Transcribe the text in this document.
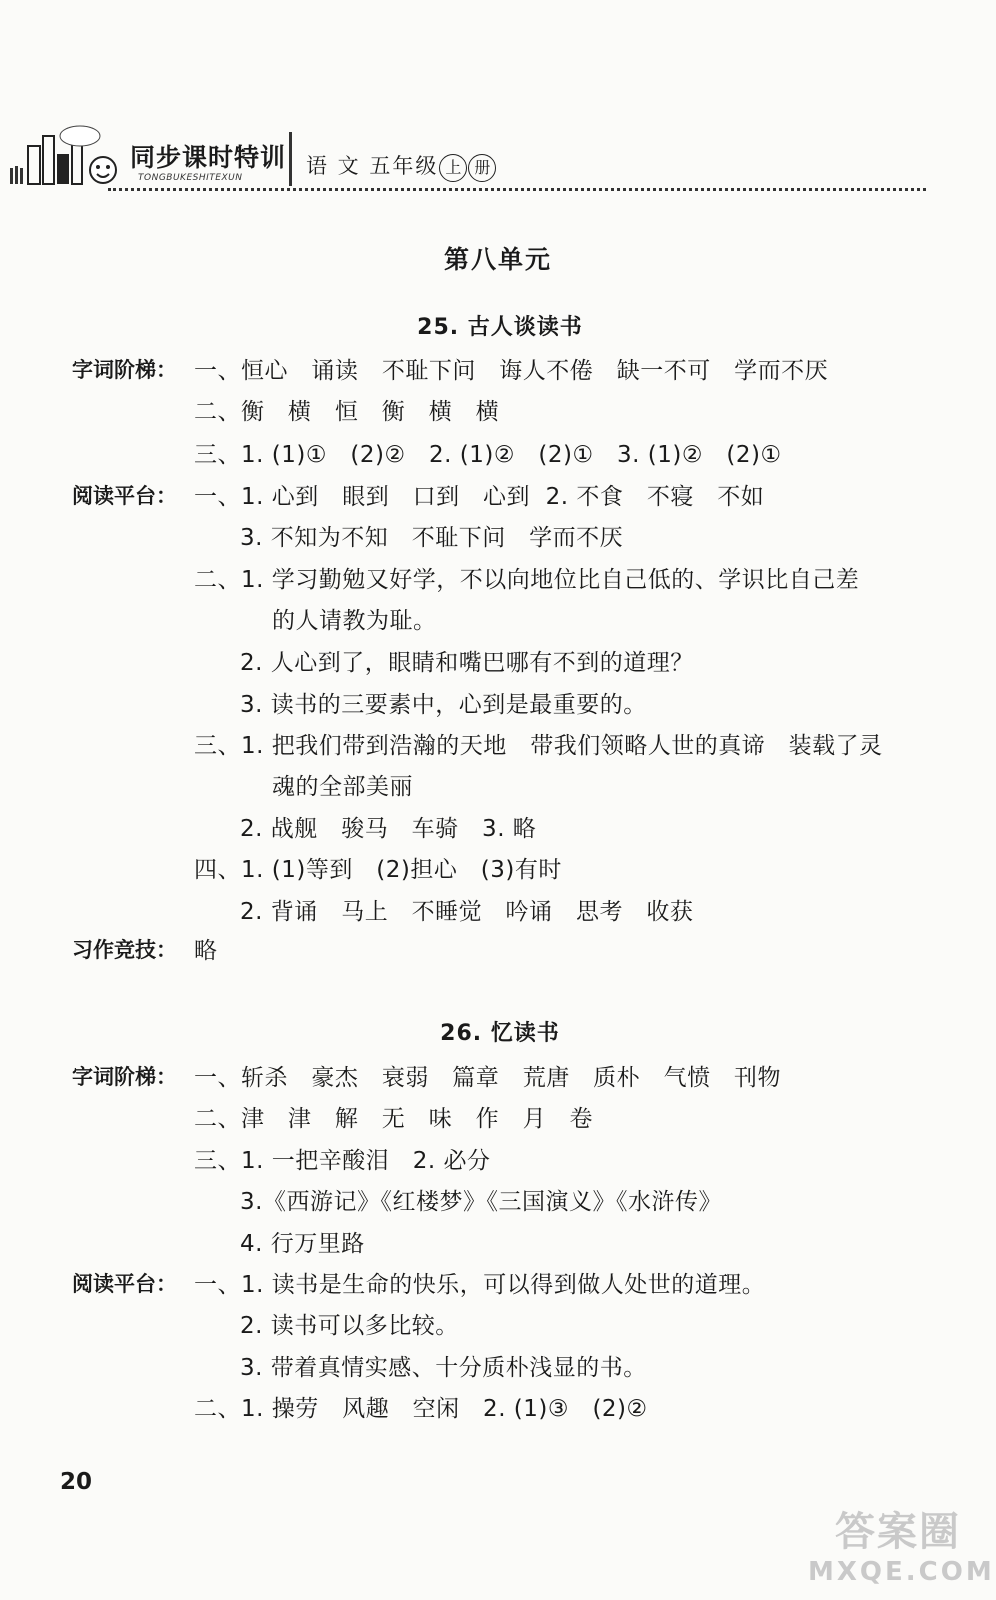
同步课时特训
TONGBUKESHITEXUN	语 文 五年级 上 册
第八单元
25. 古人谈读书
字词阶梯： 一、恒心   诵读   不耻下问   诲人不倦   缺一不可   学而不厌
二、衡   横   恒   衡   横   横
三、1. (1)①   (2)②   2. (1)②   (2)①   3. (1)②   (2)①
阅读平台： 一、1. 心到   眼到   口到   心到  2. 不食   不寝   不如
3. 不知为不知   不耻下问   学而不厌
二、1. 学习勤勉又好学，不以向地位比自己低的、学识比自己差
的人请教为耻。
2. 人心到了，眼睛和嘴巴哪有不到的道理？
3. 读书的三要素中，心到是最重要的。
三、1. 把我们带到浩瀚的天地   带我们领略人世的真谛   装载了灵
魂的全部美丽
2. 战舰   骏马   车骑   3. 略
四、1. (1)等到   (2)担心   (3)有时
2. 背诵   马上   不睡觉   吟诵   思考   收获
习作竞技： 略
26. 忆读书
字词阶梯： 一、斩杀   豪杰   衰弱   篇章   荒唐   质朴   气愤   刊物
二、津   津   解   无   味   作   月   卷
三、1. 一把辛酸泪   2. 必分
3.《西游记》《红楼梦》《三国演义》《水浒传》
4. 行万里路
阅读平台： 一、1. 读书是生命的快乐，可以得到做人处世的道理。
2. 读书可以多比较。
3. 带着真情实感、十分质朴浅显的书。
二、1. 操劳   风趣   空闲   2. (1)③   (2)②
20
答案圈
MXQE.COM
